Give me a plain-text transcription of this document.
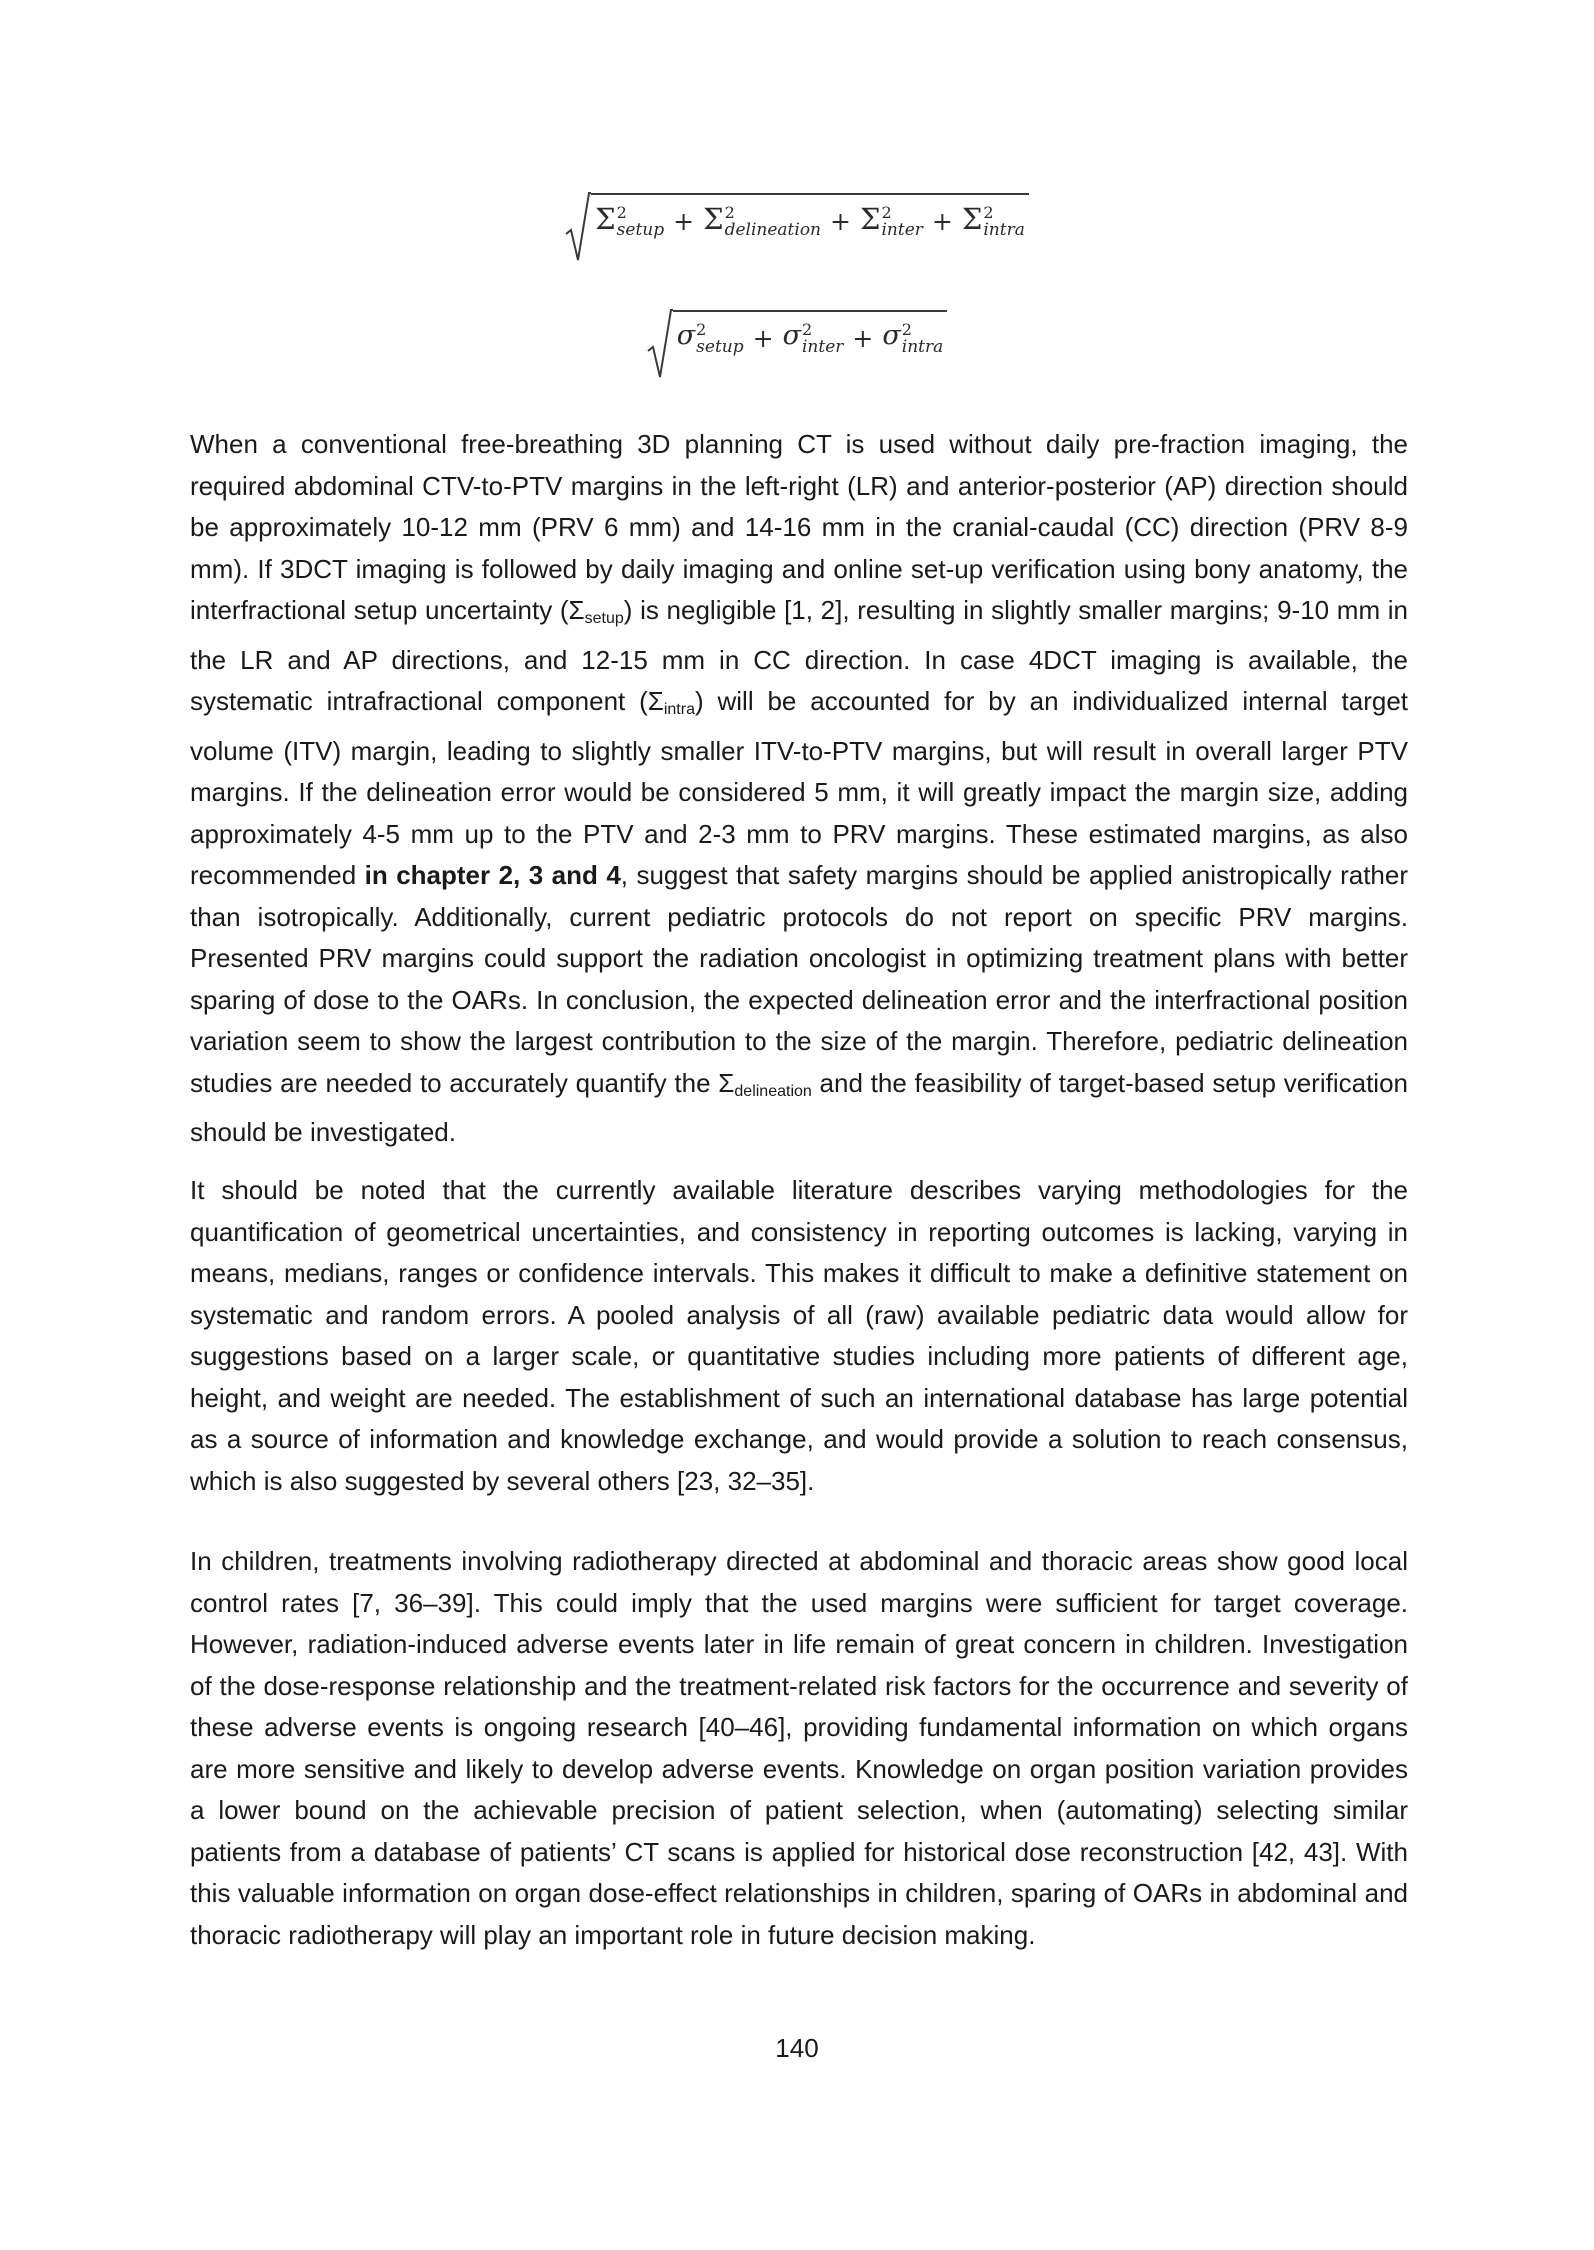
Σ 2
setup + Σ 2
delineation + Σ 2
inter + Σ 2
intra
σ 2
setup + σ 2
inter + σ 2
intra

When a conventional free-breathing 3D planning CT is used without daily pre-fraction imaging, the required abdominal CTV-to-PTV margins in the left-right (LR) and anterior-posterior (AP) direction should be approximately 10-12 mm (PRV 6 mm) and 14-16 mm in the cranial-caudal (CC) direction (PRV 8-9 mm). If 3DCT imaging is followed by daily imaging and online set-up verification using bony anatomy, the interfractional setup uncertainty $(\Sigma_{setup})$ is negligible [1, 2], resulting in slightly smaller margins; 9-10 mm in the LR and AP directions, and 12-15 mm in CC direction. In case 4DCT imaging is available, the systematic intrafractional component $(\Sigma_{intra})$ will be accounted for by an individualized internal target volume (ITV) margin, leading to slightly smaller ITV-to-PTV margins, but will result in overall larger PTV margins. If the delineation error would be considered 5 mm, it will greatly impact the margin size, adding approximately 4-5 mm up to the PTV and 2-3 mm to PRV margins. These estimated margins, as also recommended in chapter 2, 3 and 4, suggest that safety margins should be applied anistropically rather than isotropically. Additionally, current pediatric protocols do not report on specific PRV margins. Presented PRV margins could support the radiation oncologist in optimizing treatment plans with better sparing of dose to the OARs. In conclusion, the expected delineation error and the interfractional position variation seem to show the largest contribution to the size of the margin. Therefore, pediatric delineation studies are needed to accurately quantify the $\Sigma_{delineation}$ and the feasibility of target-based setup verification should be investigated.

It should be noted that the currently available literature describes varying methodologies for the quantification of geometrical uncertainties, and consistency in reporting outcomes is lacking, varying in means, medians, ranges or confidence intervals. This makes it difficult to make a definitive statement on systematic and random errors. A pooled analysis of all (raw) available pediatric data would allow for suggestions based on a larger scale, or quantitative studies including more patients of different age, height, and weight are needed. The establishment of such an international database has large potential as a source of information and knowledge exchange, and would provide a solution to reach consensus, which is also suggested by several others [23, 32–35].

In children, treatments involving radiotherapy directed at abdominal and thoracic areas show good local control rates [7, 36–39]. This could imply that the used margins were sufficient for target coverage. However, radiation-induced adverse events later in life remain of great concern in children. Investigation of the dose-response relationship and the treatment-related risk factors for the occurrence and severity of these adverse events is ongoing research [40–46], providing fundamental information on which organs are more sensitive and likely to develop adverse events. Knowledge on organ position variation provides a lower bound on the achievable precision of patient selection, when (automating) selecting similar patients from a database of patients’ CT scans is applied for historical dose reconstruction [42, 43]. With this valuable information on organ dose-effect relationships in children, sparing of OARs in abdominal and thoracic radiotherapy will play an important role in future decision making.

140
